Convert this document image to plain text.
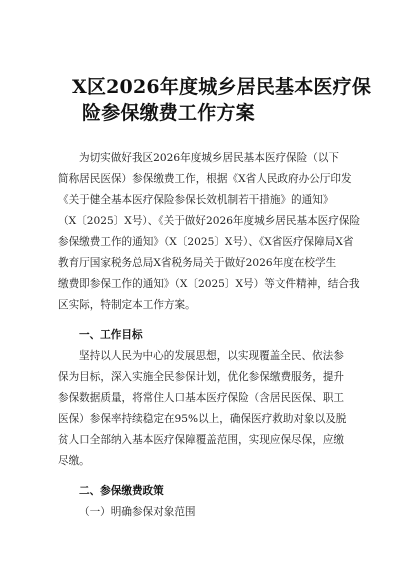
X区2026年度城乡居民基本医疗保
险参保缴费工作方案
为切实做好我区2026年度城乡居民基本医疗保险（以下
简称居民医保）参保缴费工作，根据《X省人民政府办公厅印发
《关于健全基本医疗保险参保长效机制若干措施》的通知》
（X〔2025〕X号）、《关于做好2026年度城乡居民基本医疗保险
参保缴费工作的通知》（X〔2025〕X号）、《X省医疗保障局X省
教育厅国家税务总局X省税务局关于做好2026年度在校学生
缴费即参保工作的通知》（X〔2025〕X号）等文件精神，结合我
区实际，特制定本工作方案。
一、工作目标
坚持以人民为中心的发展思想，以实现覆盖全民、依法参
保为目标，深入实施全民参保计划，优化参保缴费服务，提升
参保数据质量，将常住人口基本医疗保险（含居民医保、职工
医保）参保率持续稳定在95%以上，确保医疗救助对象以及脱
贫人口全部纳入基本医疗保障覆盖范围，实现应保尽保，应缴
尽缴。
二、参保缴费政策
（一）明确参保对象范围
